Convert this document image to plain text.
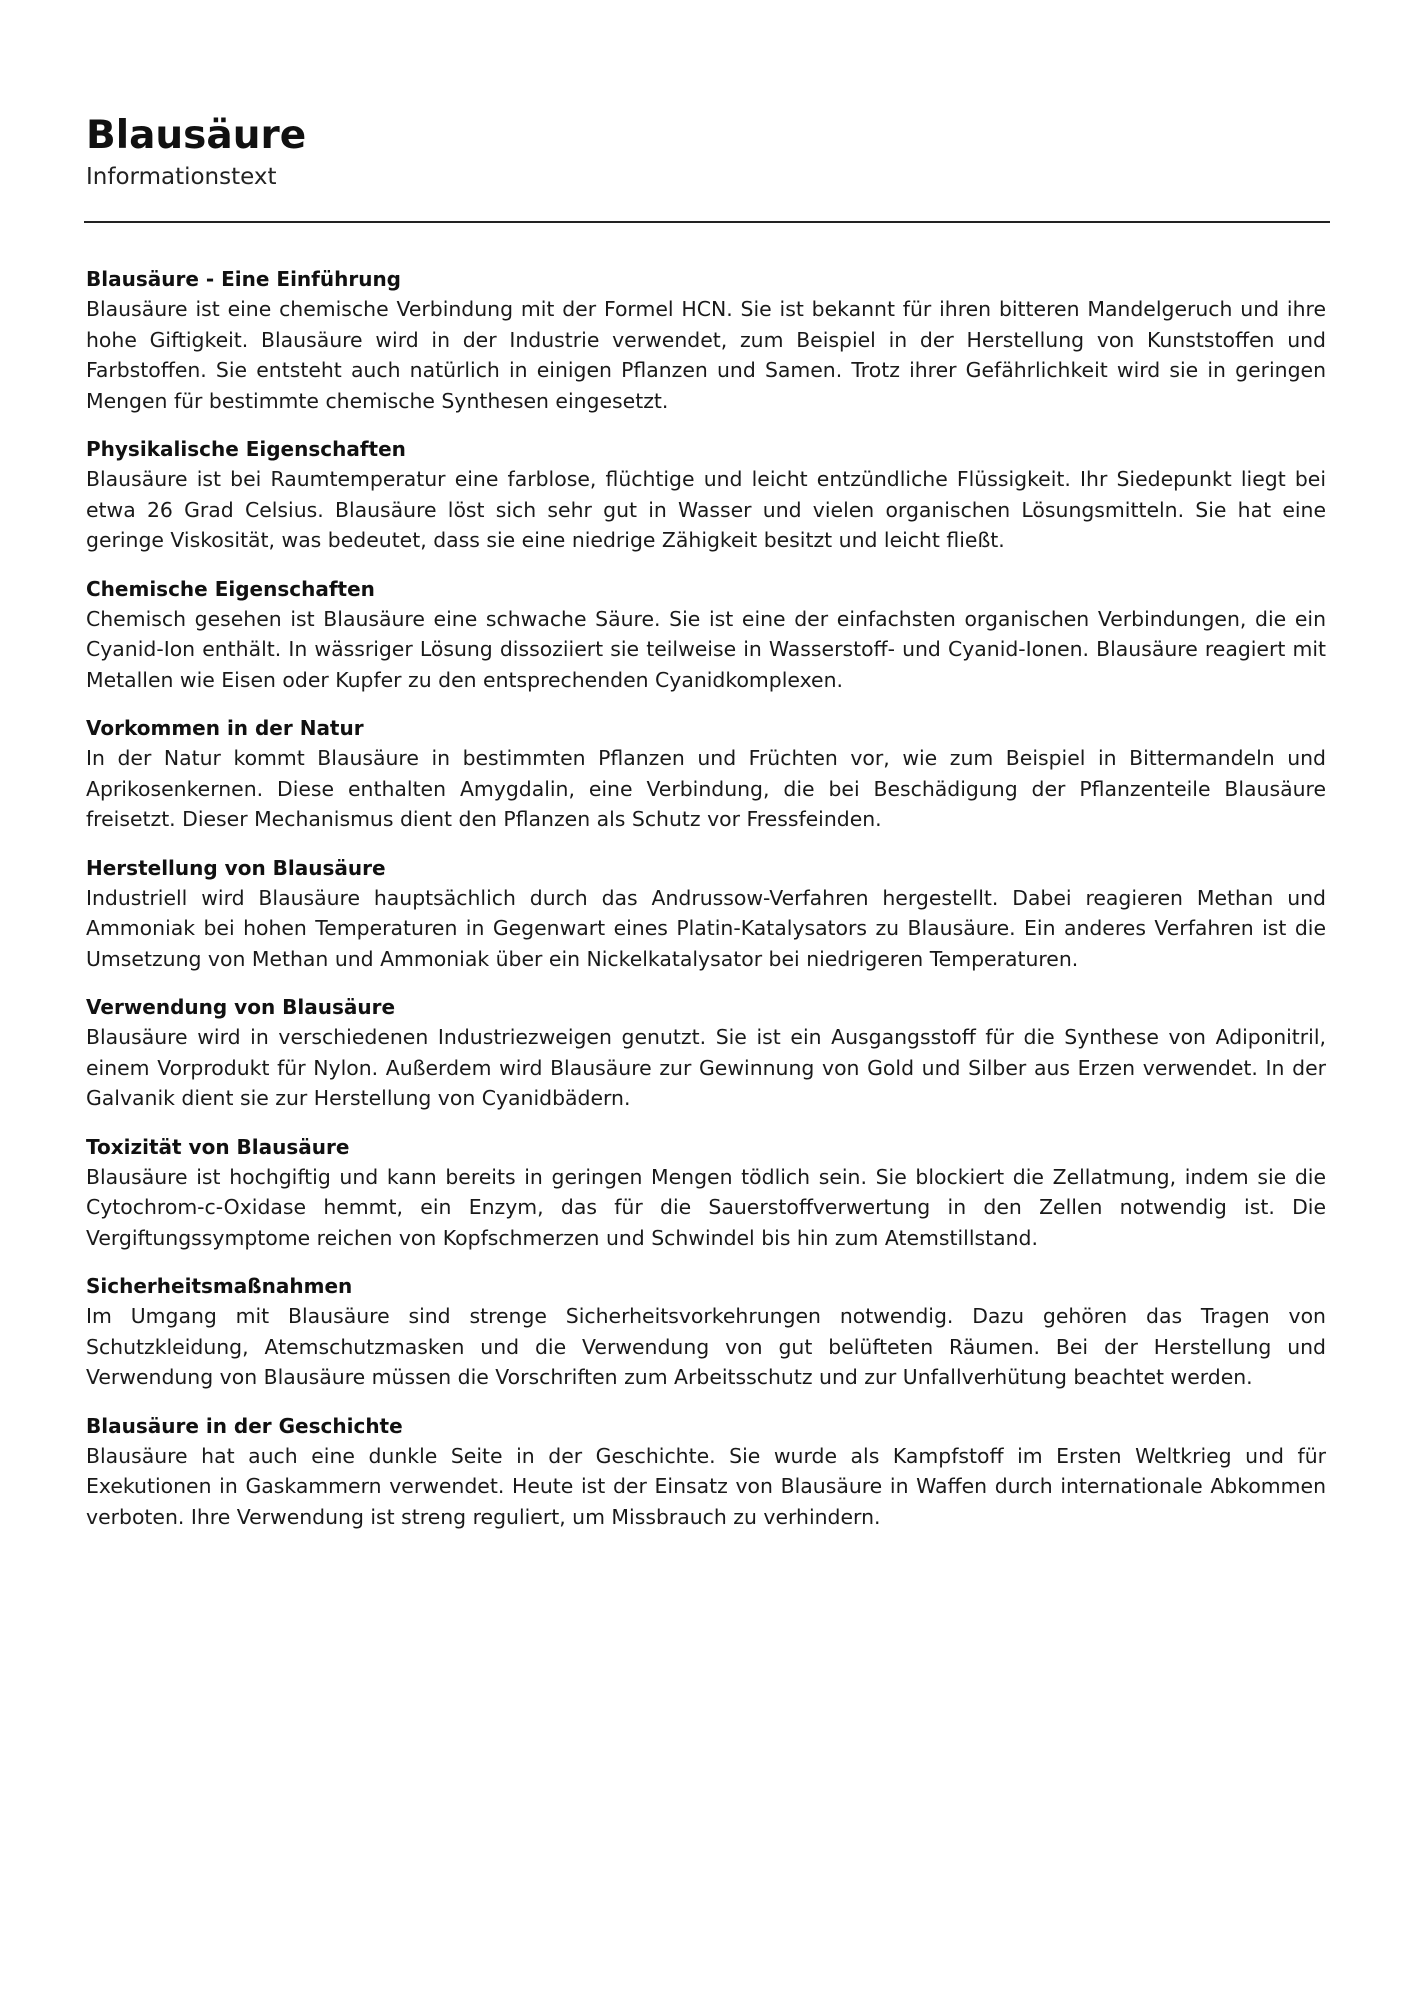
Blausäure
Informationstext
Blausäure - Eine Einführung

Blausäure ist eine chemische Verbindung mit der Formel HCN. Sie ist bekannt für ihren bitteren Mandelgeruch und ihre hohe Giftigkeit. Blausäure wird in der Industrie verwendet, zum Beispiel in der Herstellung von Kunststoffen und Farbstoffen. Sie entsteht auch natürlich in einigen Pflanzen und Samen. Trotz ihrer Gefährlichkeit wird sie in geringen Mengen für bestimmte chemische Synthesen eingesetzt.

Physikalische Eigenschaften

Blausäure ist bei Raumtemperatur eine farblose, flüchtige und leicht entzündliche Flüssigkeit. Ihr Siedepunkt liegt bei etwa 26 Grad Celsius. Blausäure löst sich sehr gut in Wasser und vielen organischen Lösungsmitteln. Sie hat eine geringe Viskosität, was bedeutet, dass sie eine niedrige Zähigkeit besitzt und leicht fließt.

Chemische Eigenschaften

Chemisch gesehen ist Blausäure eine schwache Säure. Sie ist eine der einfachsten organischen Verbindungen, die ein Cyanid-Ion enthält. In wässriger Lösung dissoziiert sie teilweise in Wasserstoff- und Cyanid-Ionen. Blausäure reagiert mit Metallen wie Eisen oder Kupfer zu den entsprechenden Cyanidkomplexen.

Vorkommen in der Natur

In der Natur kommt Blausäure in bestimmten Pflanzen und Früchten vor, wie zum Beispiel in Bittermandeln und Aprikosenkernen. Diese enthalten Amygdalin, eine Verbindung, die bei Beschädigung der Pflanzenteile Blausäure freisetzt. Dieser Mechanismus dient den Pflanzen als Schutz vor Fressfeinden.

Herstellung von Blausäure

Industriell wird Blausäure hauptsächlich durch das Andrussow-Verfahren hergestellt. Dabei reagieren Methan und Ammoniak bei hohen Temperaturen in Gegenwart eines Platin-Katalysators zu Blausäure. Ein anderes Verfahren ist die Umsetzung von Methan und Ammoniak über ein Nickelkatalysator bei niedrigeren Temperaturen.

Verwendung von Blausäure

Blausäure wird in verschiedenen Industriezweigen genutzt. Sie ist ein Ausgangsstoff für die Synthese von Adiponitril, einem Vorprodukt für Nylon. Außerdem wird Blausäure zur Gewinnung von Gold und Silber aus Erzen verwendet. In der Galvanik dient sie zur Herstellung von Cyanidbädern.

Toxizität von Blausäure

Blausäure ist hochgiftig und kann bereits in geringen Mengen tödlich sein. Sie blockiert die Zellatmung, indem sie die Cytochrom-c-Oxidase hemmt, ein Enzym, das für die Sauerstoffverwertung in den Zellen notwendig ist. Die Vergiftungssymptome reichen von Kopfschmerzen und Schwindel bis hin zum Atemstillstand.

Sicherheitsmaßnahmen

Im Umgang mit Blausäure sind strenge Sicherheitsvorkehrungen notwendig. Dazu gehören das Tragen von Schutzkleidung, Atemschutzmasken und die Verwendung von gut belüfteten Räumen. Bei der Herstellung und Verwendung von Blausäure müssen die Vorschriften zum Arbeitsschutz und zur Unfallverhütung beachtet werden.

Blausäure in der Geschichte

Blausäure hat auch eine dunkle Seite in der Geschichte. Sie wurde als Kampfstoff im Ersten Weltkrieg und für Exekutionen in Gaskammern verwendet. Heute ist der Einsatz von Blausäure in Waffen durch internationale Abkommen verboten. Ihre Verwendung ist streng reguliert, um Missbrauch zu verhindern.
